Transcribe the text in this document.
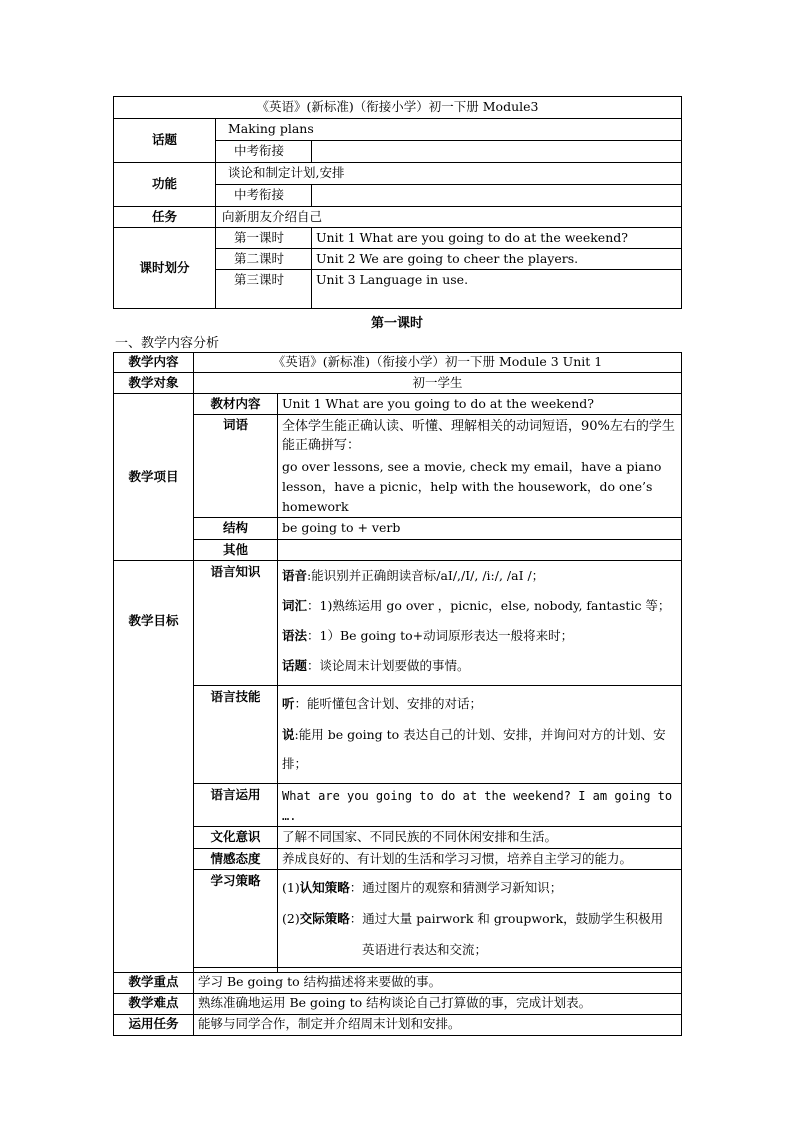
《英语》(新标准)（衔接小学）初一下册 Module3		
话题	Making plans	
	中考衔接	
功能	谈论和制定计划,安排	
	中考衔接	
任务	向新朋友介绍自己	
课时划分	第一课时	Unit 1 What are you going to do at the weekend?
	第二课时	Unit 2 We are going to cheer the players.
	第三课时	Unit 3 Language in use.

第一课时
一、教学内容分析
教学内容	《英语》(新标准)（衔接小学）初一下册 Module 3 Unit 1	
教学对象	初一学生	
教学项目	教材内容	Unit 1 What are you going to do at the weekend?
	词语	全体学生能正确认读、听懂、理解相关的动词短语，90%左右的学生能正确拼写：
go over lessons, see a movie, check my email，have a piano lesson，have a picnic，help with the housework，do one’s homework

	结构	be going to + verb
	其他	
教学目标	语言知识	语音:能识别并正确朗读音标/aI/,/I/, /i:/, /aI /；

词汇：1)熟练运用 go over ，picnic，else, nobody, fantastic 等；

语法：1）Be going to+动词原形表达一般将来时；

话题：谈论周末计划要做的事情。

	语言技能	听：能听懂包含计划、安排的对话；

说:能用 be going to 表达自己的计划、安排，并询问对方的计划、安排；

	语言运用	What are you going to do at the weekend? I am going to ….
	文化意识	了解不同国家、不同民族的不同休闲安排和生活。
	情感态度	养成良好的、有计划的生活和学习习惯，培养自主学习的能力。
	学习策略	(1)认知策略：通过图片的观察和猜测学习新知识；

(2)交际策略：通过大量 pairwork 和 groupwork，鼓励学生积极用

英语进行表达和交流；

教学重点	学习 Be going to 结构描述将来要做的事。	
教学难点	熟练准确地运用 Be going to 结构谈论自己打算做的事，完成计划表。	
运用任务	能够与同学合作，制定并介绍周末计划和安排。	
